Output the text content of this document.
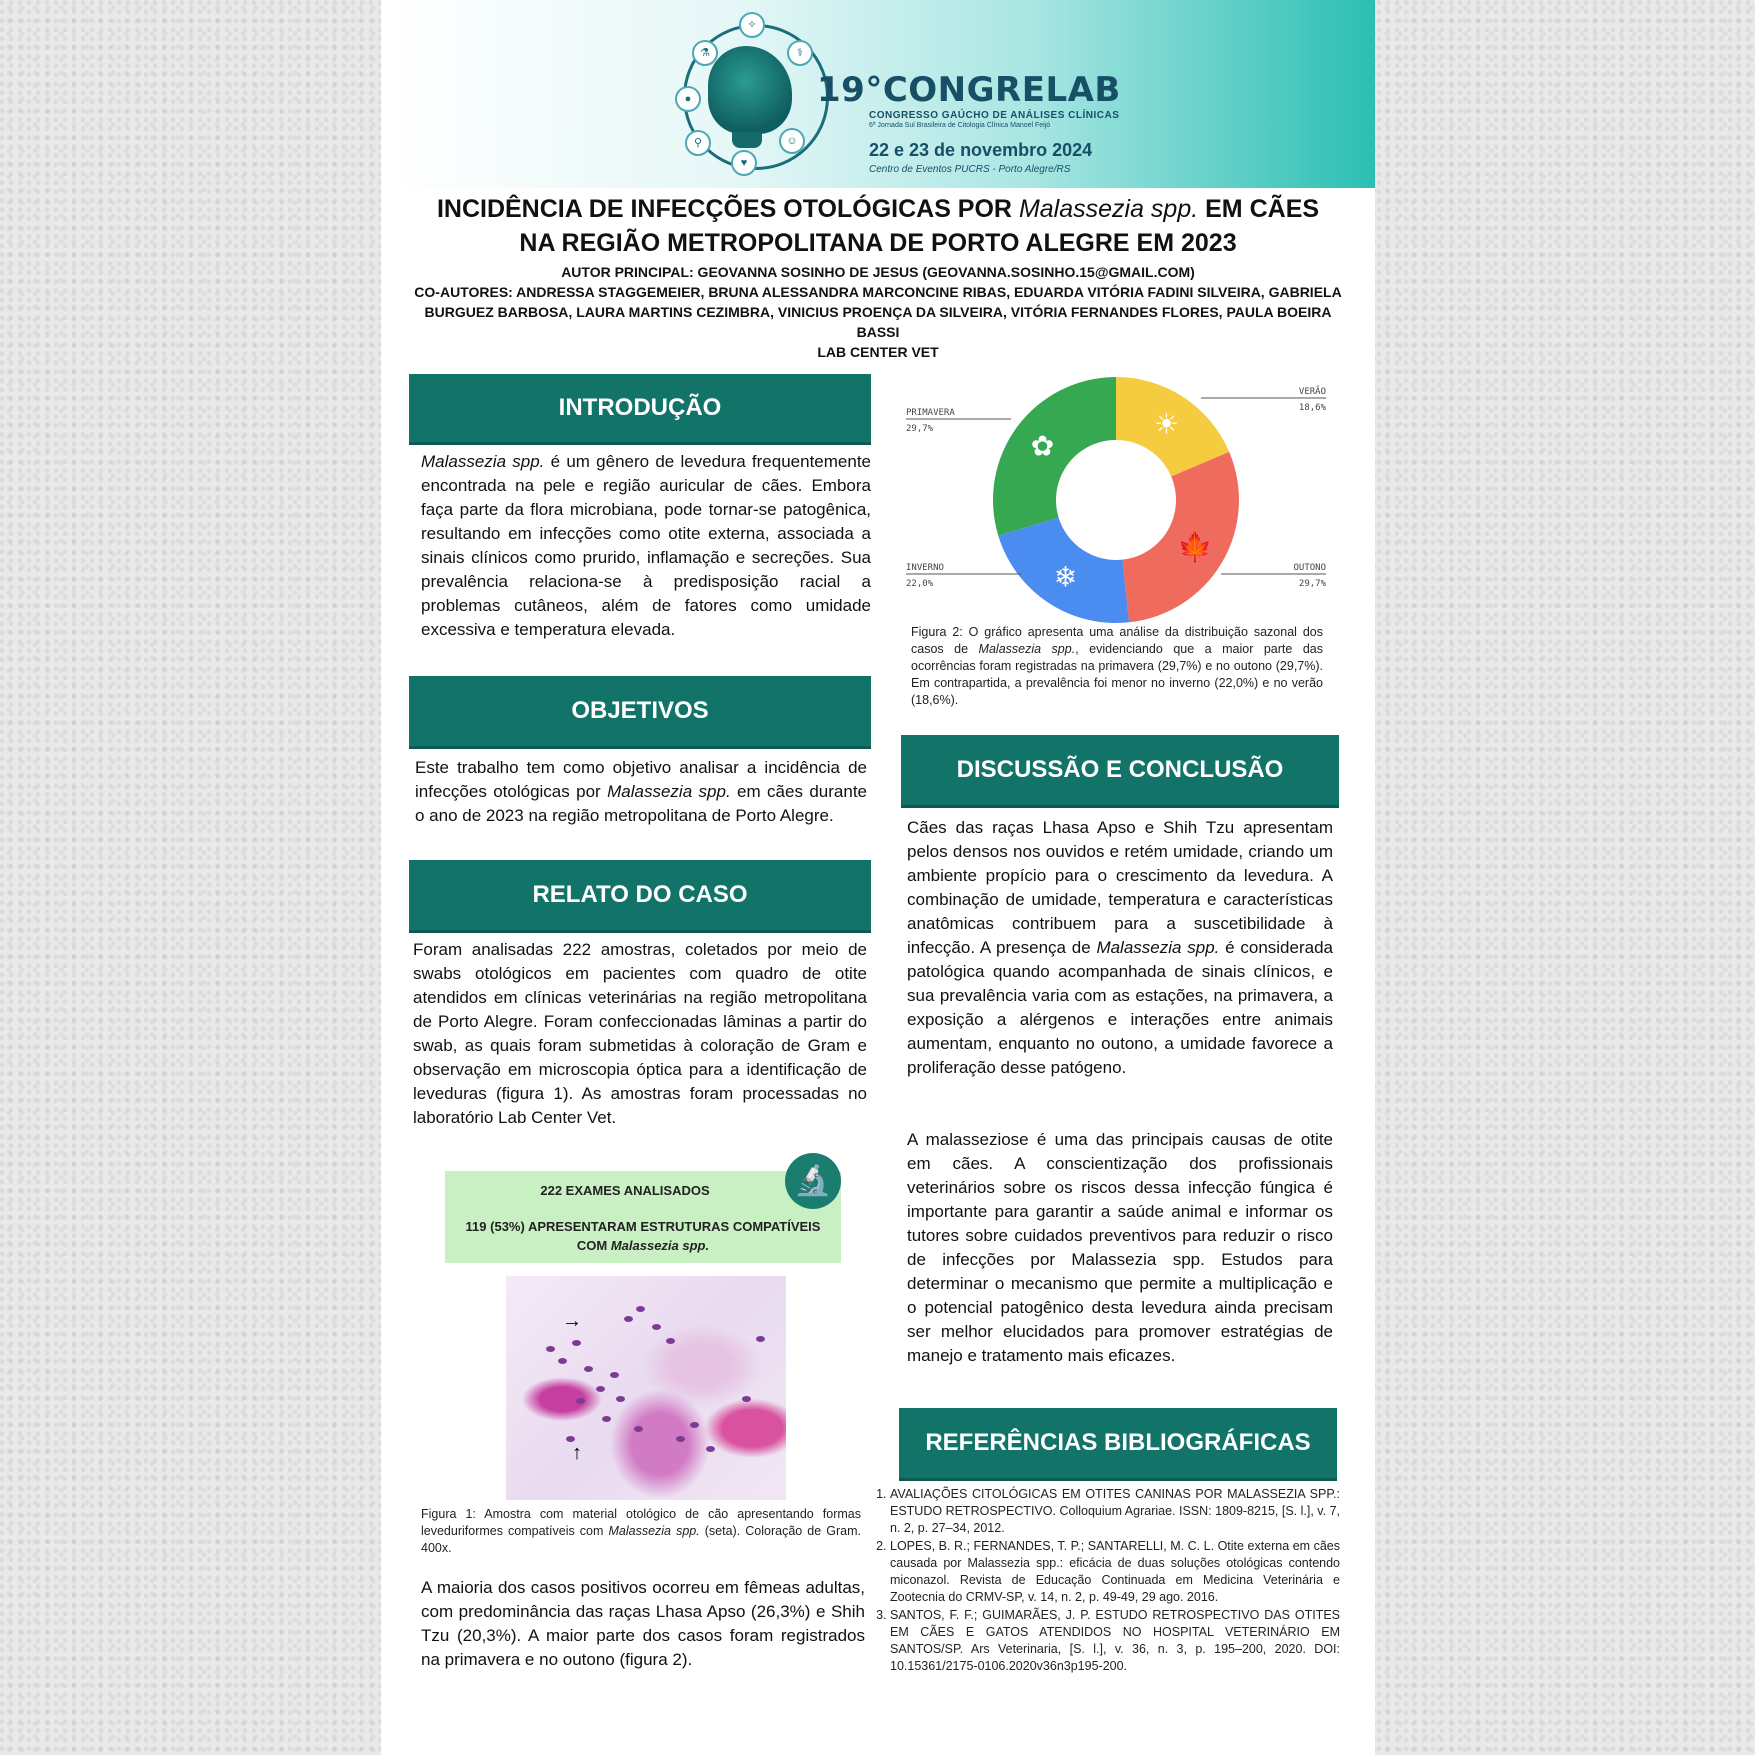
✧
⚗
●
⚲
♥
☺
⚕
19°CONGRELAB
CONGRESSO GAÚCHO DE ANÁLISES CLÍNICAS
6ª Jornada Sul Brasileira de Citologia Clínica Manoel Feijó
22 e 23 de novembro 2024
Centro de Eventos PUCRS - Porto Alegre/RS
INCIDÊNCIA DE INFECÇÕES OTOLÓGICAS POR Malassezia spp. EM CÃES
NA REGIÃO METROPOLITANA DE PORTO ALEGRE EM 2023
AUTOR PRINCIPAL: GEOVANNA SOSINHO DE JESUS (GEOVANNA.SOSINHO.15@GMAIL.COM)
CO-AUTORES: ANDRESSA STAGGEMEIER, BRUNA ALESSANDRA MARCONCINE RIBAS, EDUARDA VITÓRIA FADINI SILVEIRA, GABRIELA BURGUEZ BARBOSA, LAURA MARTINS CEZIMBRA, VINICIUS PROENÇA DA SILVEIRA, VITÓRIA FERNANDES FLORES, PAULA BOEIRA BASSI
LAB CENTER VET
INTRODUÇÃO
Malassezia spp. é um gênero de levedura frequentemente encontrada na pele e região auricular de cães. Embora faça parte da flora microbiana, pode tornar-se patogênica, resultando em infecções como otite externa, associada a sinais clínicos como prurido, inflamação e secreções. Sua prevalência relaciona-se à predisposição racial a problemas cutâneos, além de fatores como umidade excessiva e temperatura elevada.
OBJETIVOS
Este trabalho tem como objetivo analisar a incidência de infecções otológicas por Malassezia spp. em cães durante o ano de 2023 na região metropolitana de Porto Alegre.
RELATO DO CASO
Foram analisadas 222 amostras, coletados por meio de swabs otológicos em pacientes com quadro de otite atendidos em clínicas veterinárias na região metropolitana de Porto Alegre. Foram confeccionadas lâminas a partir do swab, as quais foram submetidas à coloração de Gram e observação em microscopia óptica para a identificação de leveduras (figura 1). As amostras foram processadas no laboratório Lab Center Vet.
222 EXAMES ANALISADOS
119 (53%) APRESENTARAM ESTRUTURAS COMPATÍVEIS
COM Malassezia spp.
🔬
→
↑
Figura 1: Amostra com material otológico de cão apresentando formas leveduriformes compatíveis com Malassezia spp. (seta). Coloração de Gram. 400x.
A maioria dos casos positivos ocorreu em fêmeas adultas, com predominância das raças Lhasa Apso (26,3%) e Shih Tzu (20,3%). A maior parte dos casos foram registrados na primavera e no outono (figura 2).
☀
🍁
❄
✿
VERÃO
18,6%
OUTONO
29,7%
INVERNO
22,0%
PRIMAVERA
29,7%
Figura 2: O gráfico apresenta uma análise da distribuição sazonal dos casos de Malassezia spp., evidenciando que a maior parte das ocorrências foram registradas na primavera (29,7%) e no outono (29,7%). Em contrapartida, a prevalência foi menor no inverno (22,0%) e no verão (18,6%).
DISCUSSÃO E CONCLUSÃO
Cães das raças Lhasa Apso e Shih Tzu apresentam pelos densos nos ouvidos e retém umidade, criando um ambiente propício para o crescimento da levedura. A combinação de umidade, temperatura e características anatômicas contribuem para a suscetibilidade à infecção. A presença de Malassezia spp. é considerada patológica quando acompanhada de sinais clínicos, e sua prevalência varia com as estações, na primavera, a exposição a alérgenos e interações entre animais aumentam, enquanto no outono, a umidade favorece a proliferação desse patógeno.
A malasseziose é uma das principais causas de otite em cães. A conscientização dos profissionais veterinários sobre os riscos dessa infecção fúngica é importante para garantir a saúde animal e informar os tutores sobre cuidados preventivos para reduzir o risco de infecções por Malassezia spp. Estudos para determinar o mecanismo que permite a multiplicação e o potencial patogênico desta levedura ainda precisam ser melhor elucidados para promover estratégias de manejo e tratamento mais eficazes.
REFERÊNCIAS BIBLIOGRÁFICAS
1. AVALIAÇÕES CITOLÓGICAS EM OTITES CANINAS POR MALASSEZIA SPP.: ESTUDO RETROSPECTIVO. Colloquium Agrariae. ISSN: 1809-8215, [S. l.], v. 7, n. 2, p. 27–34, 2012.
2. LOPES, B. R.; FERNANDES, T. P.; SANTARELLI, M. C. L. Otite externa em cães causada por Malassezia spp.: eficácia de duas soluções otológicas contendo miconazol. Revista de Educação Continuada em Medicina Veterinária e Zootecnia do CRMV-SP, v. 14, n. 2, p. 49-49, 29 ago. 2016.
3. SANTOS, F. F.; GUIMARÃES, J. P. ESTUDO RETROSPECTIVO DAS OTITES EM CÃES E GATOS ATENDIDOS NO HOSPITAL VETERINÁRIO EM SANTOS/SP. Ars Veterinaria, [S. l.], v. 36, n. 3, p. 195–200, 2020. DOI: 10.15361/2175-0106.2020v36n3p195-200.
